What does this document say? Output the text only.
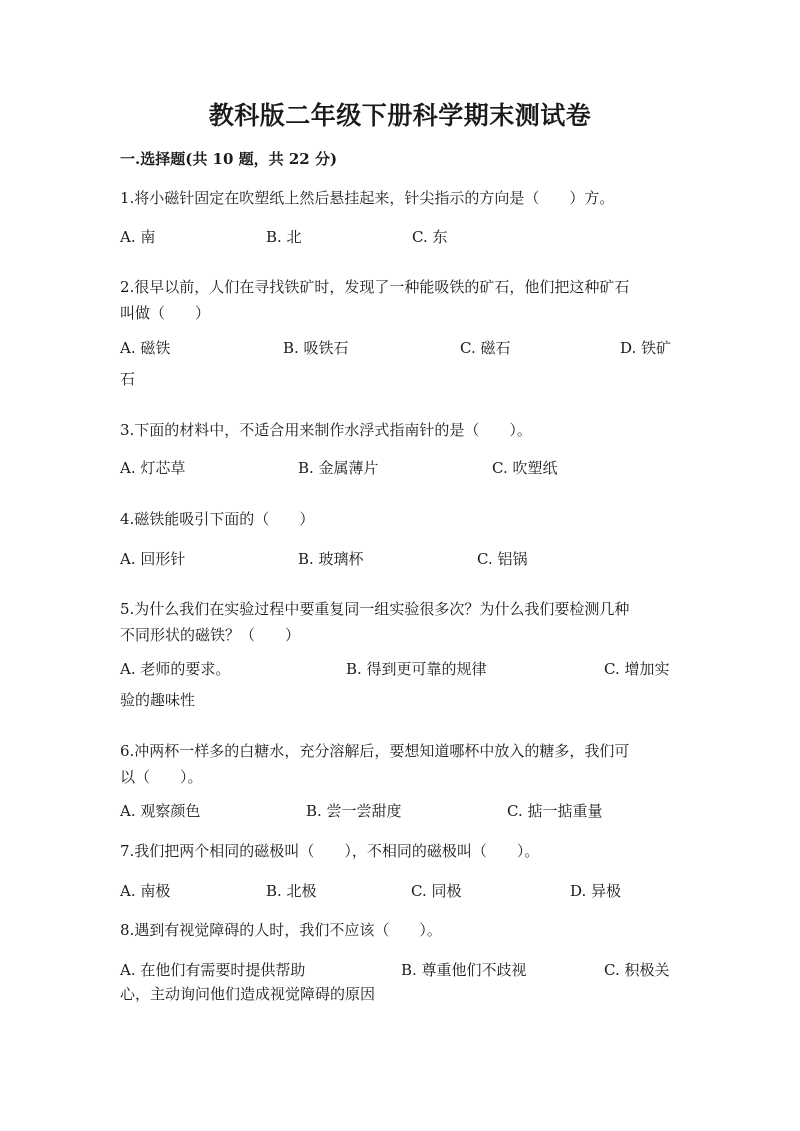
教科版二年级下册科学期末测试卷
一.选择题(共 10 题，共 22 分)
1.将小磁针固定在吹塑纸上然后悬挂起来，针尖指示的方向是（　　）方。
A. 南	B. 北	C. 东
2.很早以前，人们在寻找铁矿时，发现了一种能吸铁的矿石，他们把这种矿石
叫做（　　）
A. 磁铁	B. 吸铁石	C. 磁石	D. 铁矿
石
3.下面的材料中，不适合用来制作水浮式指南针的是（　　）。
A. 灯芯草	B. 金属薄片	C. 吹塑纸
4.磁铁能吸引下面的（　　）
A. 回形针	B. 玻璃杯	C. 铝锅
5.为什么我们在实验过程中要重复同一组实验很多次？为什么我们要检测几种
不同形状的磁铁？（　　）
A. 老师的要求。	B. 得到更可靠的规律	C. 增加实
验的趣味性
6.冲两杯一样多的白糖水，充分溶解后，要想知道哪杯中放入的糖多，我们可
以（　　）。
A. 观察颜色	B. 尝一尝甜度	C. 掂一掂重量
7.我们把两个相同的磁极叫（　　），不相同的磁极叫（　　）。
A. 南极	B. 北极	C. 同极	D. 异极
8.遇到有视觉障碍的人时，我们不应该（　　）。
A. 在他们有需要时提供帮助	B. 尊重他们不歧视	C. 积极关
心，主动询问他们造成视觉障碍的原因
